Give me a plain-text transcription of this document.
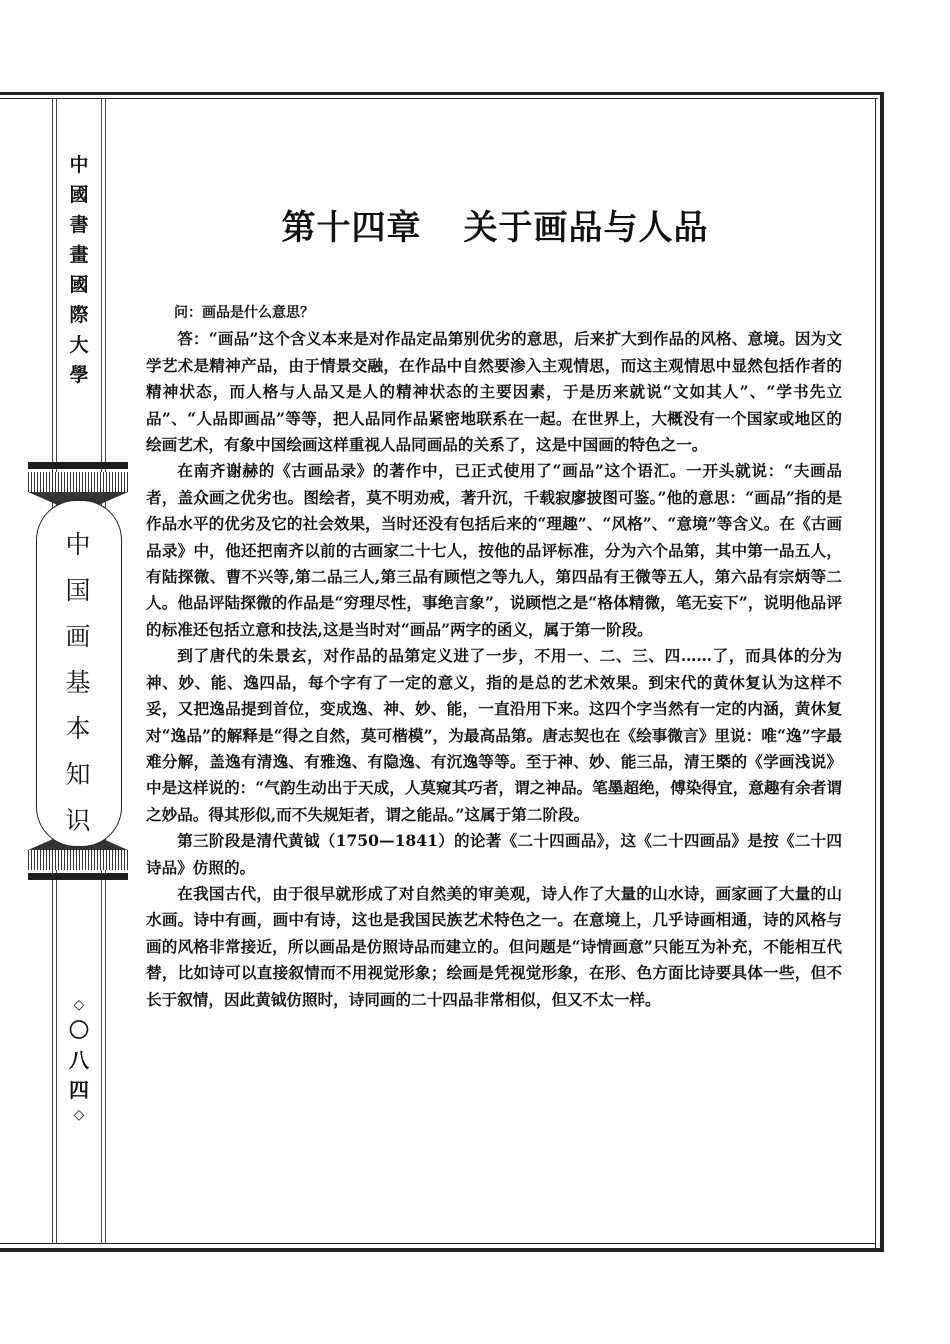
中
國
書
畫
國
際
大
學
中
国
画
基
本
知
识
◇
〇
八
四
◇
第十四章 关于画品与人品

问：画品是什么意思？

答：“画品”这个含义本来是对作品定品第别优劣的意思，后来扩大到作品的风格、意境。因为文学艺术是精神产品，由于情景交融，在作品中自然要渗入主观情思，而这主观情思中显然包括作者的精神状态，而人格与人品又是人的精神状态的主要因素，于是历来就说“文如其人”、“学书先立品”、“人品即画品”等等，把人品同作品紧密地联系在一起。在世界上，大概没有一个国家或地区的绘画艺术，有象中国绘画这样重视人品同画品的关系了，这是中国画的特色之一。

在南齐谢赫的《古画品录》的著作中，已正式使用了“画品”这个语汇。一开头就说：“夫画品者，盖众画之优劣也。图绘者，莫不明劝戒，著升沉，千载寂廖披图可鉴。”他的意思：“画品”指的是作品水平的优劣及它的社会效果，当时还没有包括后来的“理趣”、“风格”、“意境”等含义。在《古画品录》中，他还把南齐以前的古画家二十七人，按他的品评标准，分为六个品第，其中第一品五人，有陆探微、曹不兴等,第二品三人,第三品有顾恺之等九人，第四品有王微等五人，第六品有宗炳等二人。他品评陆探微的作品是“穷理尽性，事绝言象”，说顾恺之是“格体精微，笔无妄下”，说明他品评的标准还包括立意和技法,这是当时对“画品”两字的函义，属于第一阶段。

到了唐代的朱景玄，对作品的品第定义进了一步，不用一、二、三、四……了，而具体的分为神、妙、能、逸四品，每个字有了一定的意义，指的是总的艺术效果。到宋代的黄休复认为这样不妥，又把逸品提到首位，变成逸、神、妙、能，一直沿用下来。这四个字当然有一定的内涵，黄休复对“逸品”的解释是“得之自然，莫可楷模”，为最高品第。唐志契也在《绘事微言》里说：唯“逸”字最难分解，盖逸有清逸、有雅逸、有隐逸、有沉逸等等。至于神、妙、能三品，清王槩的《学画浅说》中是这样说的：“气韵生动出于天成，人莫窥其巧者，谓之神品。笔墨超绝，傅染得宜，意趣有余者谓之妙品。得其形似,而不失规矩者，谓之能品。”这属于第二阶段。

第三阶段是清代黄钺（1750—1841）的论著《二十四画品》，这《二十四画品》是按《二十四诗品》仿照的。

在我国古代，由于很早就形成了对自然美的审美观，诗人作了大量的山水诗，画家画了大量的山水画。诗中有画，画中有诗，这也是我国民族艺术特色之一。在意境上，几乎诗画相通，诗的风格与画的风格非常接近，所以画品是仿照诗品而建立的。但问题是“诗情画意”只能互为补充，不能相互代替，比如诗可以直接叙情而不用视觉形象；绘画是凭视觉形象，在形、色方面比诗要具体一些，但不长于叙情，因此黄钺仿照时，诗同画的二十四品非常相似，但又不太一样。
